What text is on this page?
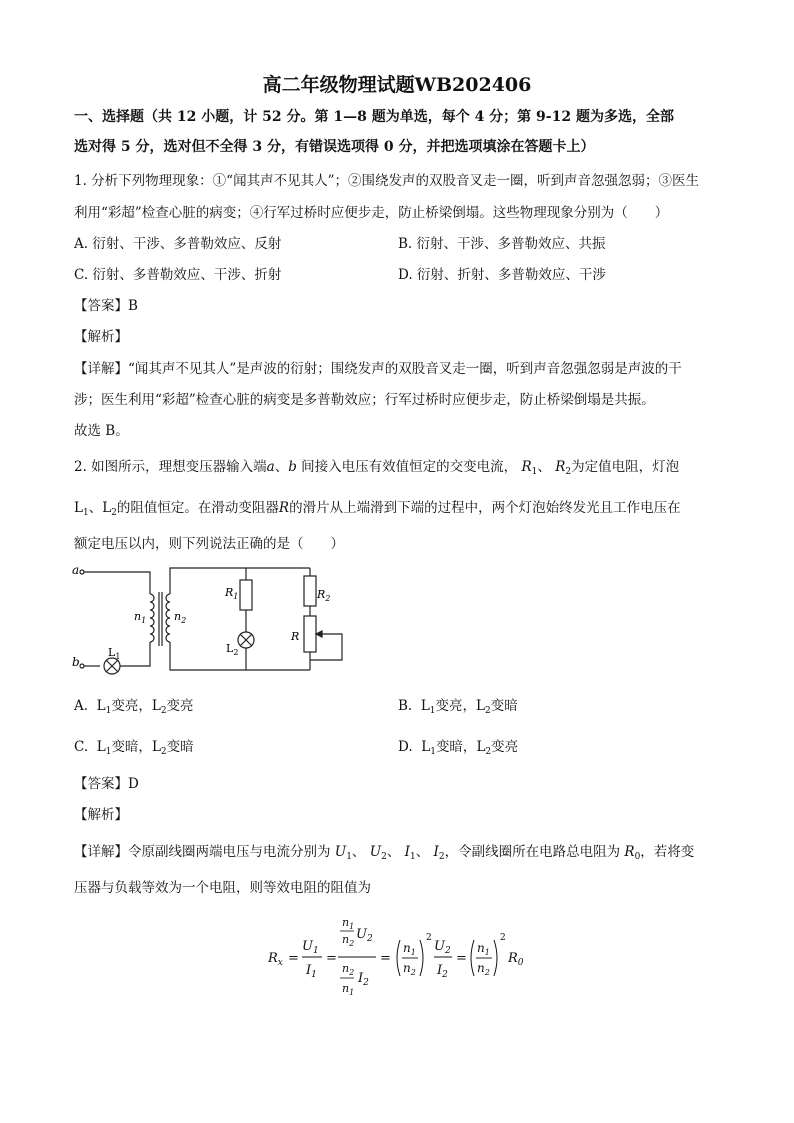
高二年级物理试题WB202406
一、选择题（共 12 小题，计 52 分。第 1—8 题为单选，每个 4 分；第 9-12 题为多选，全部
选对得 5 分，选对但不全得 3 分，有错误选项得 0 分，并把选项填涂在答题卡上）
1. 分析下列物理现象：①“闻其声不见其人”；②围绕发声的双股音叉走一圈，听到声音忽强忽弱；③医生
利用“彩超”检查心脏的病变；④行军过桥时应便步走，防止桥梁倒塌。这些物理现象分别为（　　）
A. 衍射、干涉、多普勒效应、反射	B. 衍射、干涉、多普勒效应、共振
C. 衍射、多普勒效应、干涉、折射	D. 衍射、折射、多普勒效应、干涉
【答案】B
【解析】
【详解】“闻其声不见其人”是声波的衍射；围绕发声的双股音叉走一圈，听到声音忽强忽弱是声波的干
涉；医生利用“彩超”检查心脏的病变是多普勒效应；行军过桥时应便步走，防止桥梁倒塌是共振。
故选 B。
2. 如图所示，理想变压器输入端a、b 间接入电压有效值恒定的交变电流， $R_1$、 $R_2$为定值电阻，灯泡
$L_1$、$L_2$的阻值恒定。在滑动变阻器R的滑片从上端滑到下端的过程中，两个灯泡始终发光且工作电压在
额定电压以内，则下列说法正确的是（　　）
a
b
$L_1$
$n_1$	$n_2$
$R_1$
$L_2$
$R_2$
R
A. $L_1$变亮，$L_2$变亮	B. $L_1$变亮，$L_2$变暗
C. $L_1$变暗，$L_2$变暗	D. $L_1$变暗，$L_2$变亮
【答案】D
【解析】
【详解】令原副线圈两端电压与电流分别为 $U_1$、 $U_2$、 $I_1$、 $I_2$，令副线圈所在电路总电阻为 $R_0$，若将变
压器与负载等效为一个电阻，则等效电阻的阻值为
$R_x$ =
$U_1$
$I_1$
=
$n_1$
$n_2$
$U_2$
$n_2$
$n_1$
$I_2$
=
$n_1$
$n_2$
2
$U_2$
$I_2$
=
$n_1$
$n_2$
2
$R_0$
